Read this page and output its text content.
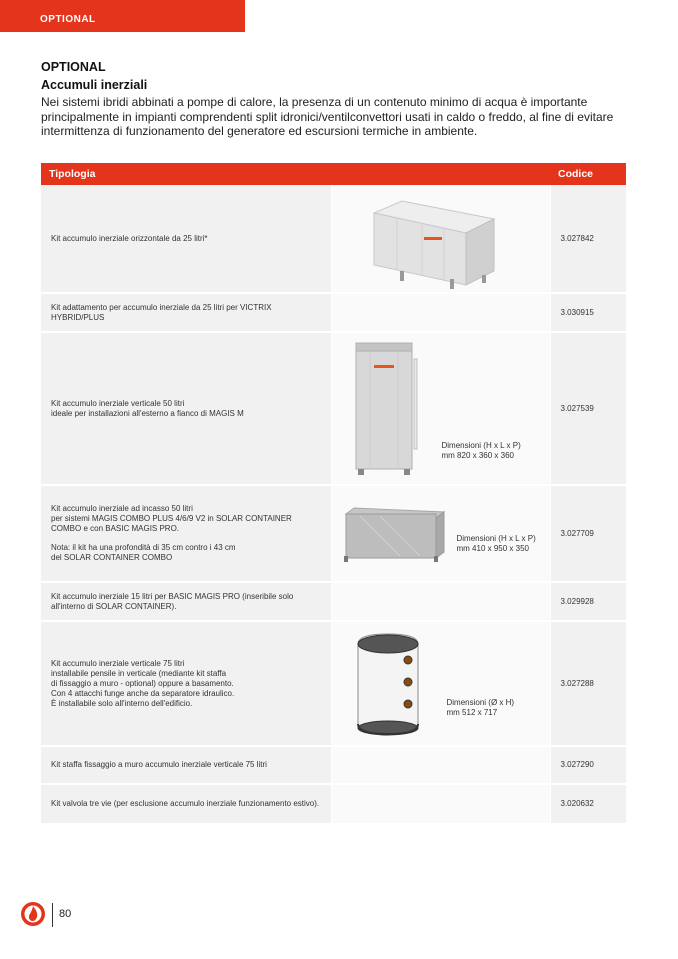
OPTIONAL
OPTIONAL
Accumuli inerziali
Nei sistemi ibridi abbinati a pompe di calore, la presenza di un contenuto minimo di acqua è importante principalmente in impianti comprendenti split idronici/ventilconvettori usati in caldo o freddo, al fine di evitare intermittenza di funzionamento del generatore ed escursioni termiche in ambiente.
Tipologia		Codice
Kit accumulo inerziale orizzontale da 25 litri*		3.027842
Kit adattamento per accumulo inerziale da 25 litri per VICTRIX HYBRID/PLUS		3.030915
Kit accumulo inerziale verticale 50 litri
ideale per installazioni all'esterno a fianco di MAGIS M	Dimensioni (H x L x P)
mm 820 x 360 x 360	3.027539
Kit accumulo inerziale ad incasso 50 litri
per sistemi MAGIS COMBO PLUS 4/6/9 V2 in SOLAR CONTAINER COMBO e con BASIC MAGIS PRO.
Nota: il kit ha una profondità di 35 cm contro i 43 cm
del SOLAR CONTAINER COMBO	Dimensioni (H x L x P)
mm 410 x 950 x 350	3.027709
Kit accumulo inerziale 15 litri per BASIC MAGIS PRO (inseribile solo all'interno di SOLAR CONTAINER).		3.029928
Kit accumulo inerziale verticale 75 litri
installabile pensile in verticale (mediante kit staffa
di fissaggio a muro - optional) oppure a basamento.
Con 4 attacchi funge anche da separatore idraulico.
È installabile solo all'interno dell'edificio.	Dimensioni (Ø x H)
mm 512 x 717	3.027288
Kit staffa fissaggio a muro accumulo inerziale verticale 75 litri		3.027290
Kit valvola tre vie (per esclusione accumulo inerziale funzionamento estivo).		3.020632
80
